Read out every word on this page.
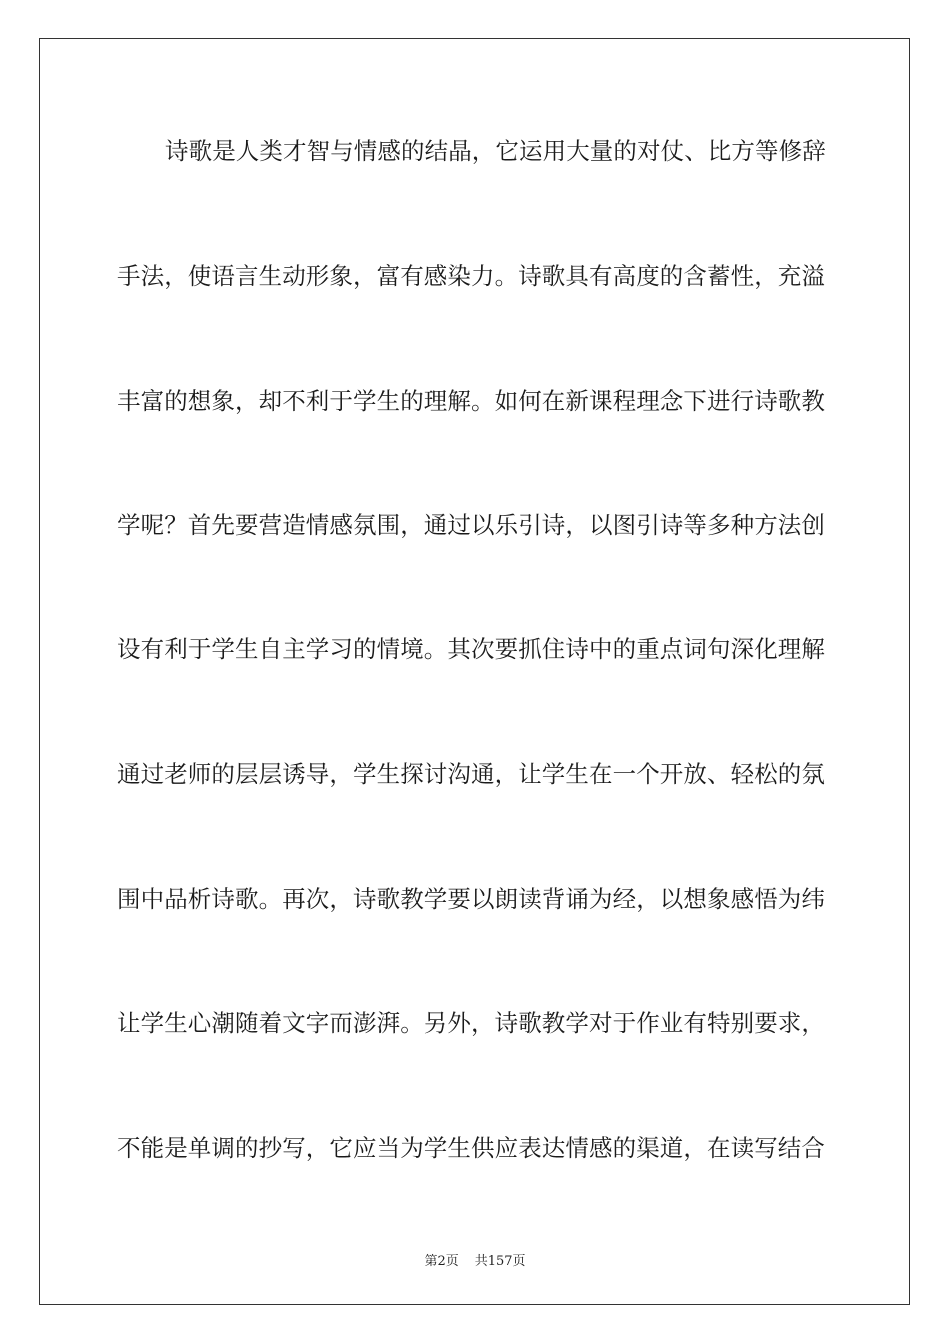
诗歌是人类才智与情感的结晶，它运用大量的对仗、比方等修辞
手法，使语言生动形象，富有感染力。诗歌具有高度的含蓄性，充溢
丰富的想象，却不利于学生的理解。如何在新课程理念下进行诗歌教
学呢？首先要营造情感氛围，通过以乐引诗，以图引诗等多种方法创
设有利于学生自主学习的情境。其次要抓住诗中的重点词句深化理解
通过老师的层层诱导，学生探讨沟通，让学生在一个开放、轻松的氛
围中品析诗歌。再次，诗歌教学要以朗读背诵为经，以想象感悟为纬
让学生心潮随着文字而澎湃。另外，诗歌教学对于作业有特别要求，
不能是单调的抄写，它应当为学生供应表达情感的渠道，在读写结合
第2页 共157页
